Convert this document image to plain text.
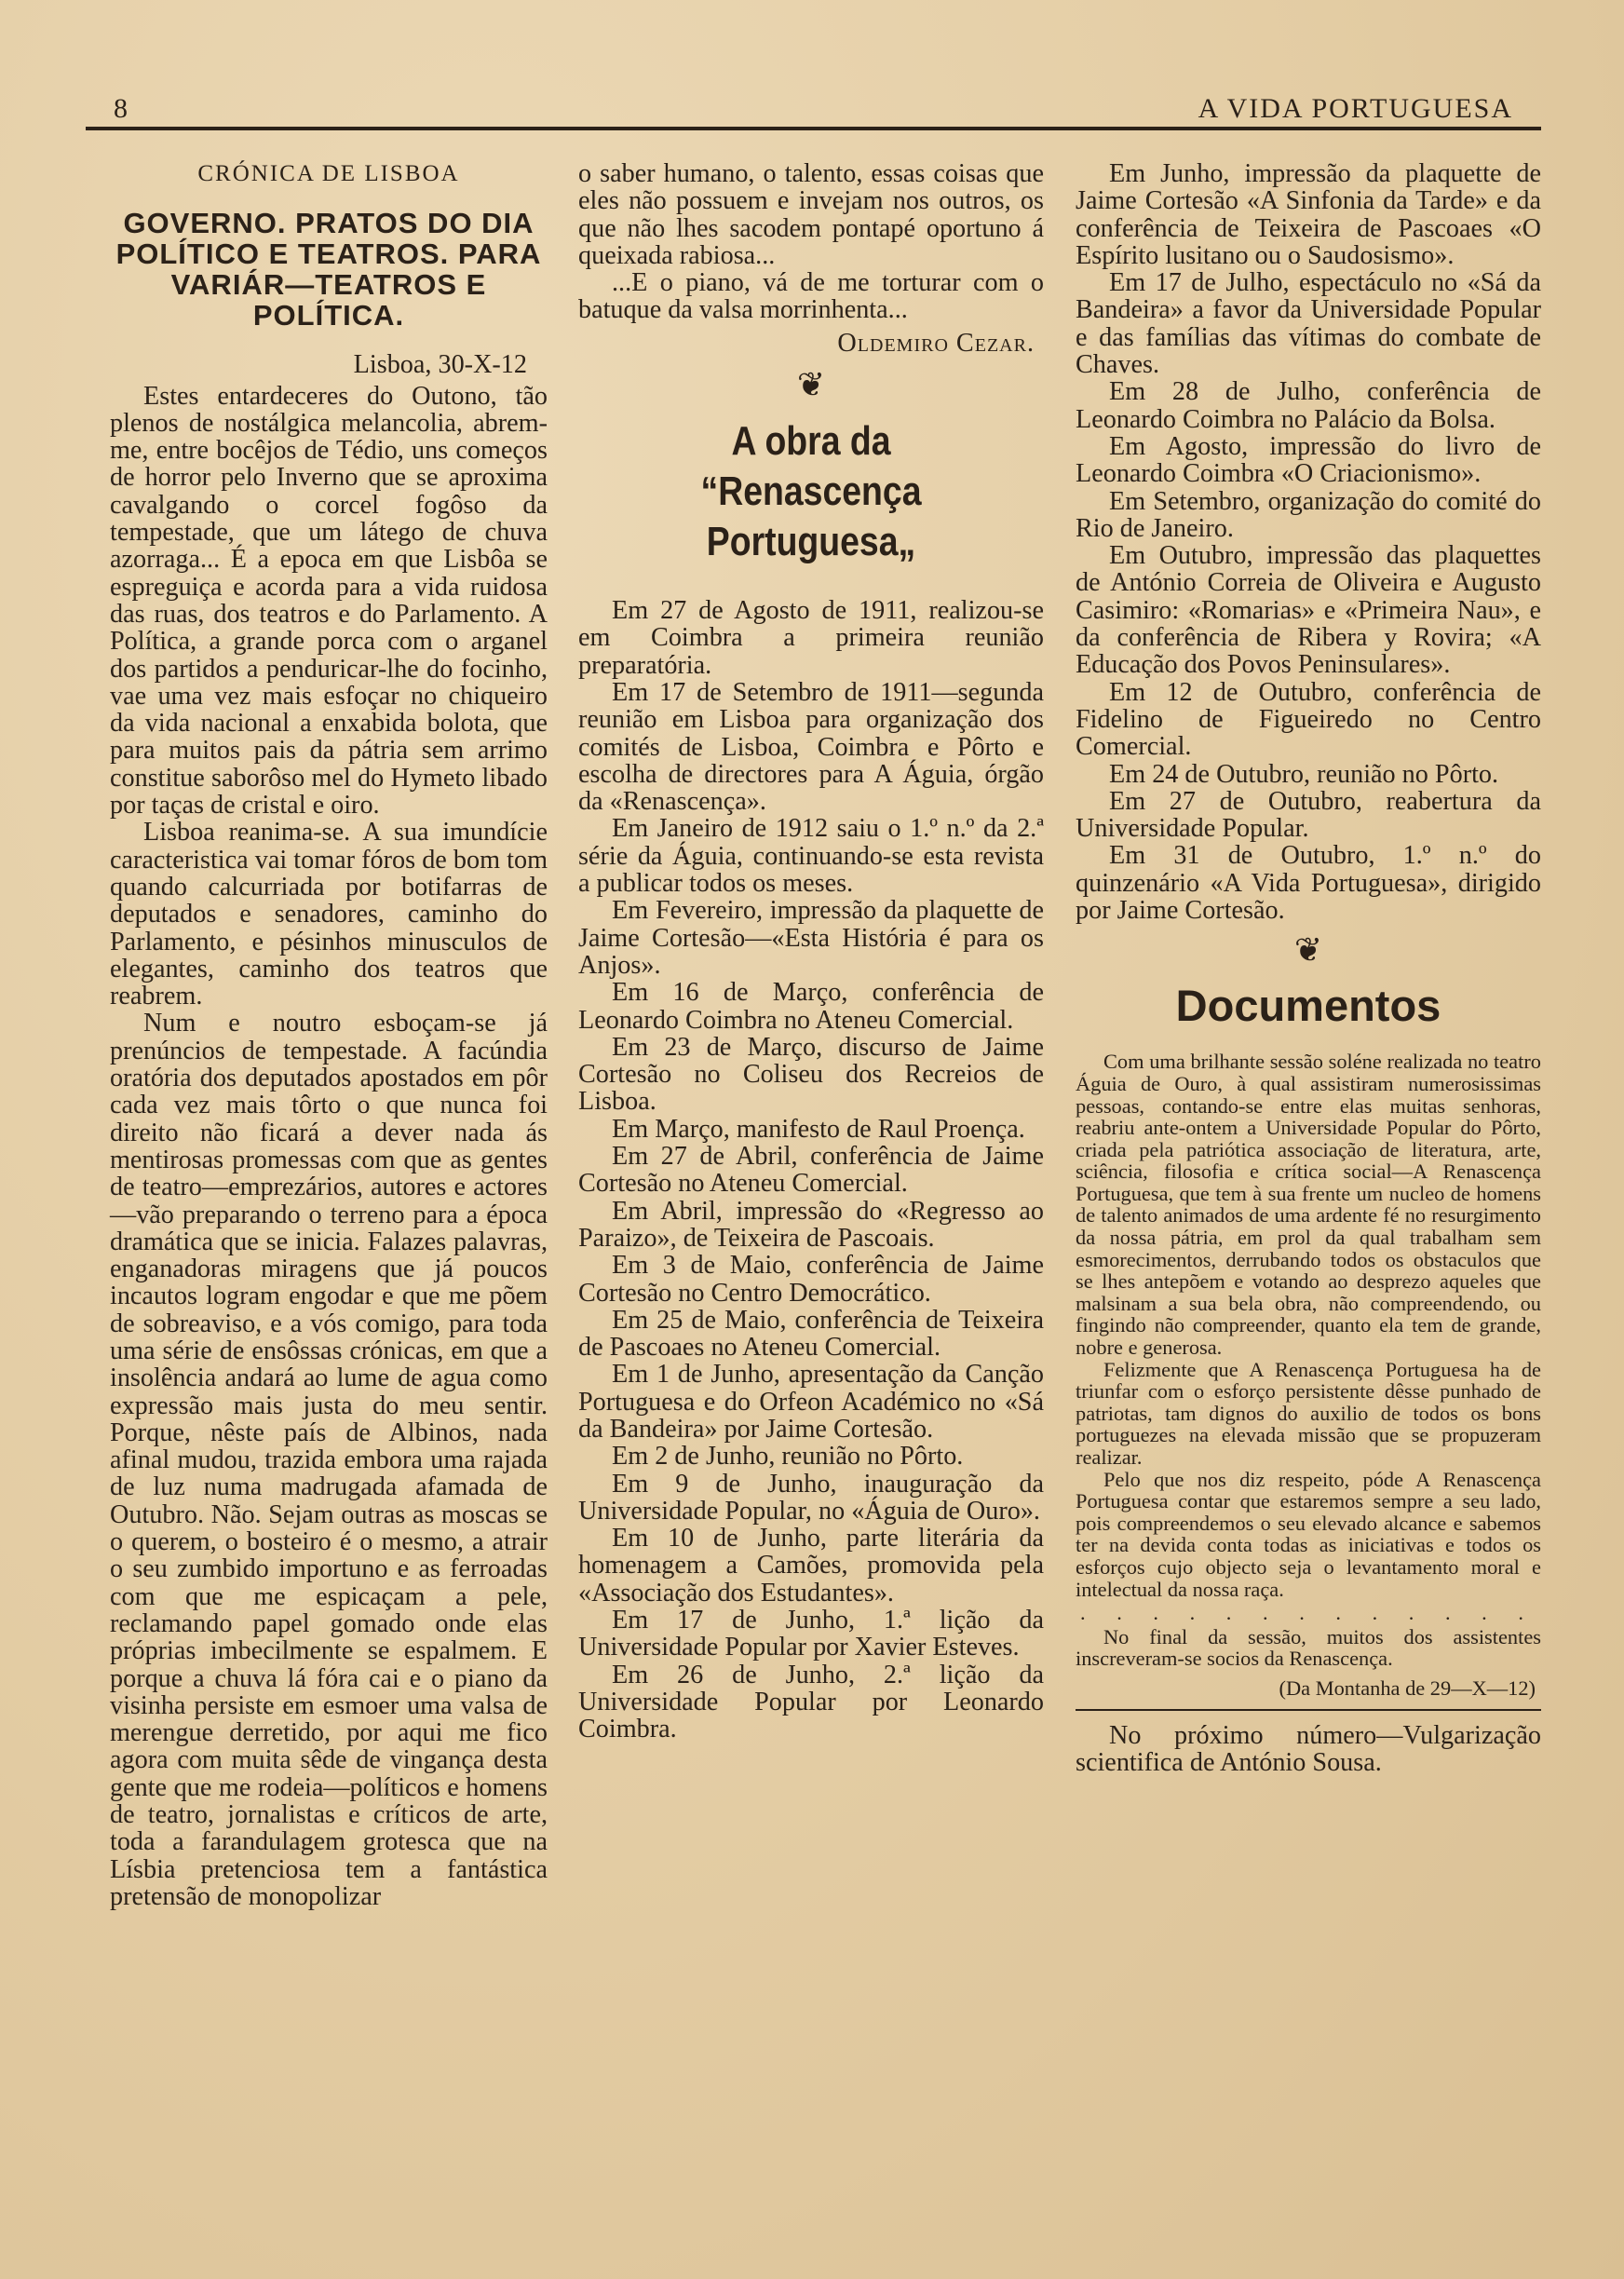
8	A VIDA PORTUGUESA
CRÓNICA DE LISBOA
GOVERNO. PRATOS DO DIA POLÍTICO E TEATROS. PARA VARIÁR—TEATROS E POLÍTICA.
Lisboa, 30-X-12

Estes entardeceres do Outono, tão plenos de nostálgica melancolia, abrem-me, entre bocêjos de Tédio, uns começos de horror pelo Inverno que se aproxima cavalgando o corcel fogôso da tempestade, que um látego de chuva azorraga... É a epoca em que Lisbôa se espreguiça e acorda para a vida ruidosa das ruas, dos teatros e do Parlamento. A Política, a grande porca com o arganel dos partidos a penduricar-lhe do focinho, vae uma vez mais esfoçar no chiqueiro da vida nacional a enxabida bolota, que para muitos pais da pátria sem arrimo constitue saborôso mel do Hymeto libado por taças de cristal e oiro.

Lisboa reanima-se. A sua imundície caracteristica vai tomar fóros de bom tom quando calcurriada por botifarras de deputados e senadores, caminho do Parlamento, e pésinhos minusculos de elegantes, caminho dos teatros que reabrem.

Num e noutro esboçam-se já prenúncios de tempestade. A facúndia oratória dos deputados apostados em pôr cada vez mais tôrto o que nunca foi direito não ficará a dever nada ás mentirosas promessas com que as gentes de teatro—emprezários, autores e actores—vão preparando o terreno para a época dramática que se inicia. Falazes palavras, enganadoras miragens que já poucos incautos logram engodar e que me põem de sobreaviso, e a vós comigo, para toda uma série de ensôssas crónicas, em que a insolência andará ao lume de agua como expressão mais justa do meu sentir. Porque, nêste país de Albinos, nada afinal mudou, trazida embora uma rajada de luz numa madrugada afamada de Outubro. Não. Sejam outras as moscas se o querem, o bosteiro é o mesmo, a atrair o seu zumbido importuno e as ferroadas com que me espicaçam a pele, reclamando papel gomado onde elas próprias imbecilmente se espalmem. E porque a chuva lá fóra cai e o piano da visinha persiste em esmoer uma valsa de merengue derretido, por aqui me fico agora com muita sêde de vingança desta gente que me rodeia—políticos e homens de teatro, jornalistas e críticos de arte, toda a farandulagem grotesca que na Lísbia pretenciosa tem a fantástica pretensão de monopolizar

o saber humano, o talento, essas coisas que eles não possuem e invejam nos outros, os que não lhes sacodem pontapé oportuno á queixada rabiosa...

...E o piano, vá de me torturar com o batuque da valsa morrinhenta...

Oldemiro Cezar.
❦
A obra da
“Renascença Portuguesa„

Em 27 de Agosto de 1911, realizou-se em Coimbra a primeira reunião preparatória.

Em 17 de Setembro de 1911—segunda reunião em Lisboa para organização dos comités de Lisboa, Coimbra e Pôrto e escolha de directores para A Águia, órgão da «Renascença».

Em Janeiro de 1912 saiu o 1.º n.º da 2.ª série da Águia, continuando-se esta revista a publicar todos os meses.

Em Fevereiro, impressão da plaquette de Jaime Cortesão—«Esta História é para os Anjos».

Em 16 de Março, conferência de Leonardo Coimbra no Ateneu Comercial.

Em 23 de Março, discurso de Jaime Cortesão no Coliseu dos Recreios de Lisboa.

Em Março, manifesto de Raul Proença.

Em 27 de Abril, conferência de Jaime Cortesão no Ateneu Comercial.

Em Abril, impressão do «Regresso ao Paraizo», de Teixeira de Pascoais.

Em 3 de Maio, conferência de Jaime Cortesão no Centro Democrático.

Em 25 de Maio, conferência de Teixeira de Pascoaes no Ateneu Comercial.

Em 1 de Junho, apresentação da Canção Portuguesa e do Orfeon Académico no «Sá da Bandeira» por Jaime Cortesão.

Em 2 de Junho, reunião no Pôrto.

Em 9 de Junho, inauguração da Universidade Popular, no «Águia de Ouro».

Em 10 de Junho, parte literária da homenagem a Camões, promovida pela «Associação dos Estudantes».

Em 17 de Junho, 1.ª lição da Universidade Popular por Xavier Esteves.

Em 26 de Junho, 2.ª lição da Universidade Popular por Leonardo Coimbra.

Em Junho, impressão da plaquette de Jaime Cortesão «A Sinfonia da Tarde» e da conferência de Teixeira de Pascoaes «O Espírito lusitano ou o Saudosismo».

Em 17 de Julho, espectáculo no «Sá da Bandeira» a favor da Universidade Popular e das famílias das vítimas do combate de Chaves.

Em 28 de Julho, conferência de Leonardo Coimbra no Palácio da Bolsa.

Em Agosto, impressão do livro de Leonardo Coimbra «O Criacionismo».

Em Setembro, organização do comité do Rio de Janeiro.

Em Outubro, impressão das plaquettes de António Correia de Oliveira e Augusto Casimiro: «Romarias» e «Primeira Nau», e da conferência de Ribera y Rovira; «A Educação dos Povos Peninsulares».

Em 12 de Outubro, conferência de Fidelino de Figueiredo no Centro Comercial.

Em 24 de Outubro, reunião no Pôrto.

Em 27 de Outubro, reabertura da Universidade Popular.

Em 31 de Outubro, 1.º n.º do quinzenário «A Vida Portuguesa», dirigido por Jaime Cortesão.

❦
Documentos

Com uma brilhante sessão soléne realizada no teatro Águia de Ouro, à qual assistiram numerosissimas pessoas, contando-se entre elas muitas senhoras, reabriu ante-ontem a Universidade Popular do Pôrto, criada pela patriótica associação de literatura, arte, sciência, filosofia e crítica social—A Renascença Portuguesa, que tem à sua frente um nucleo de homens de talento animados de uma ardente fé no resurgimento da nossa pátria, em prol da qual trabalham sem esmorecimentos, derrubando todos os obstaculos que se lhes antepõem e votando ao desprezo aqueles que malsinam a sua bela obra, não compreendendo, ou fingindo não compreender, quanto ela tem de grande, nobre e generosa.

Felizmente que A Renascença Portuguesa ha de triunfar com o esforço persistente dêsse punhado de patriotas, tam dignos do auxilio de todos os bons portuguezes na elevada missão que se propuzeram realizar.

Pelo que nos diz respeito, póde A Renascença Portuguesa contar que estaremos sempre a seu lado, pois compreendemos o seu elevado alcance e sabemos ter na devida conta todas as iniciativas e todos os esforços cujo objecto seja o levantamento moral e intelectual da nossa raça.

. . . . . . . . . . . . .

No final da sessão, muitos dos assistentes inscreveram-se socios da Renascença.

(Da Montanha de 29—X—12)

No próximo número—Vulgarização scientifica de António Sousa.
